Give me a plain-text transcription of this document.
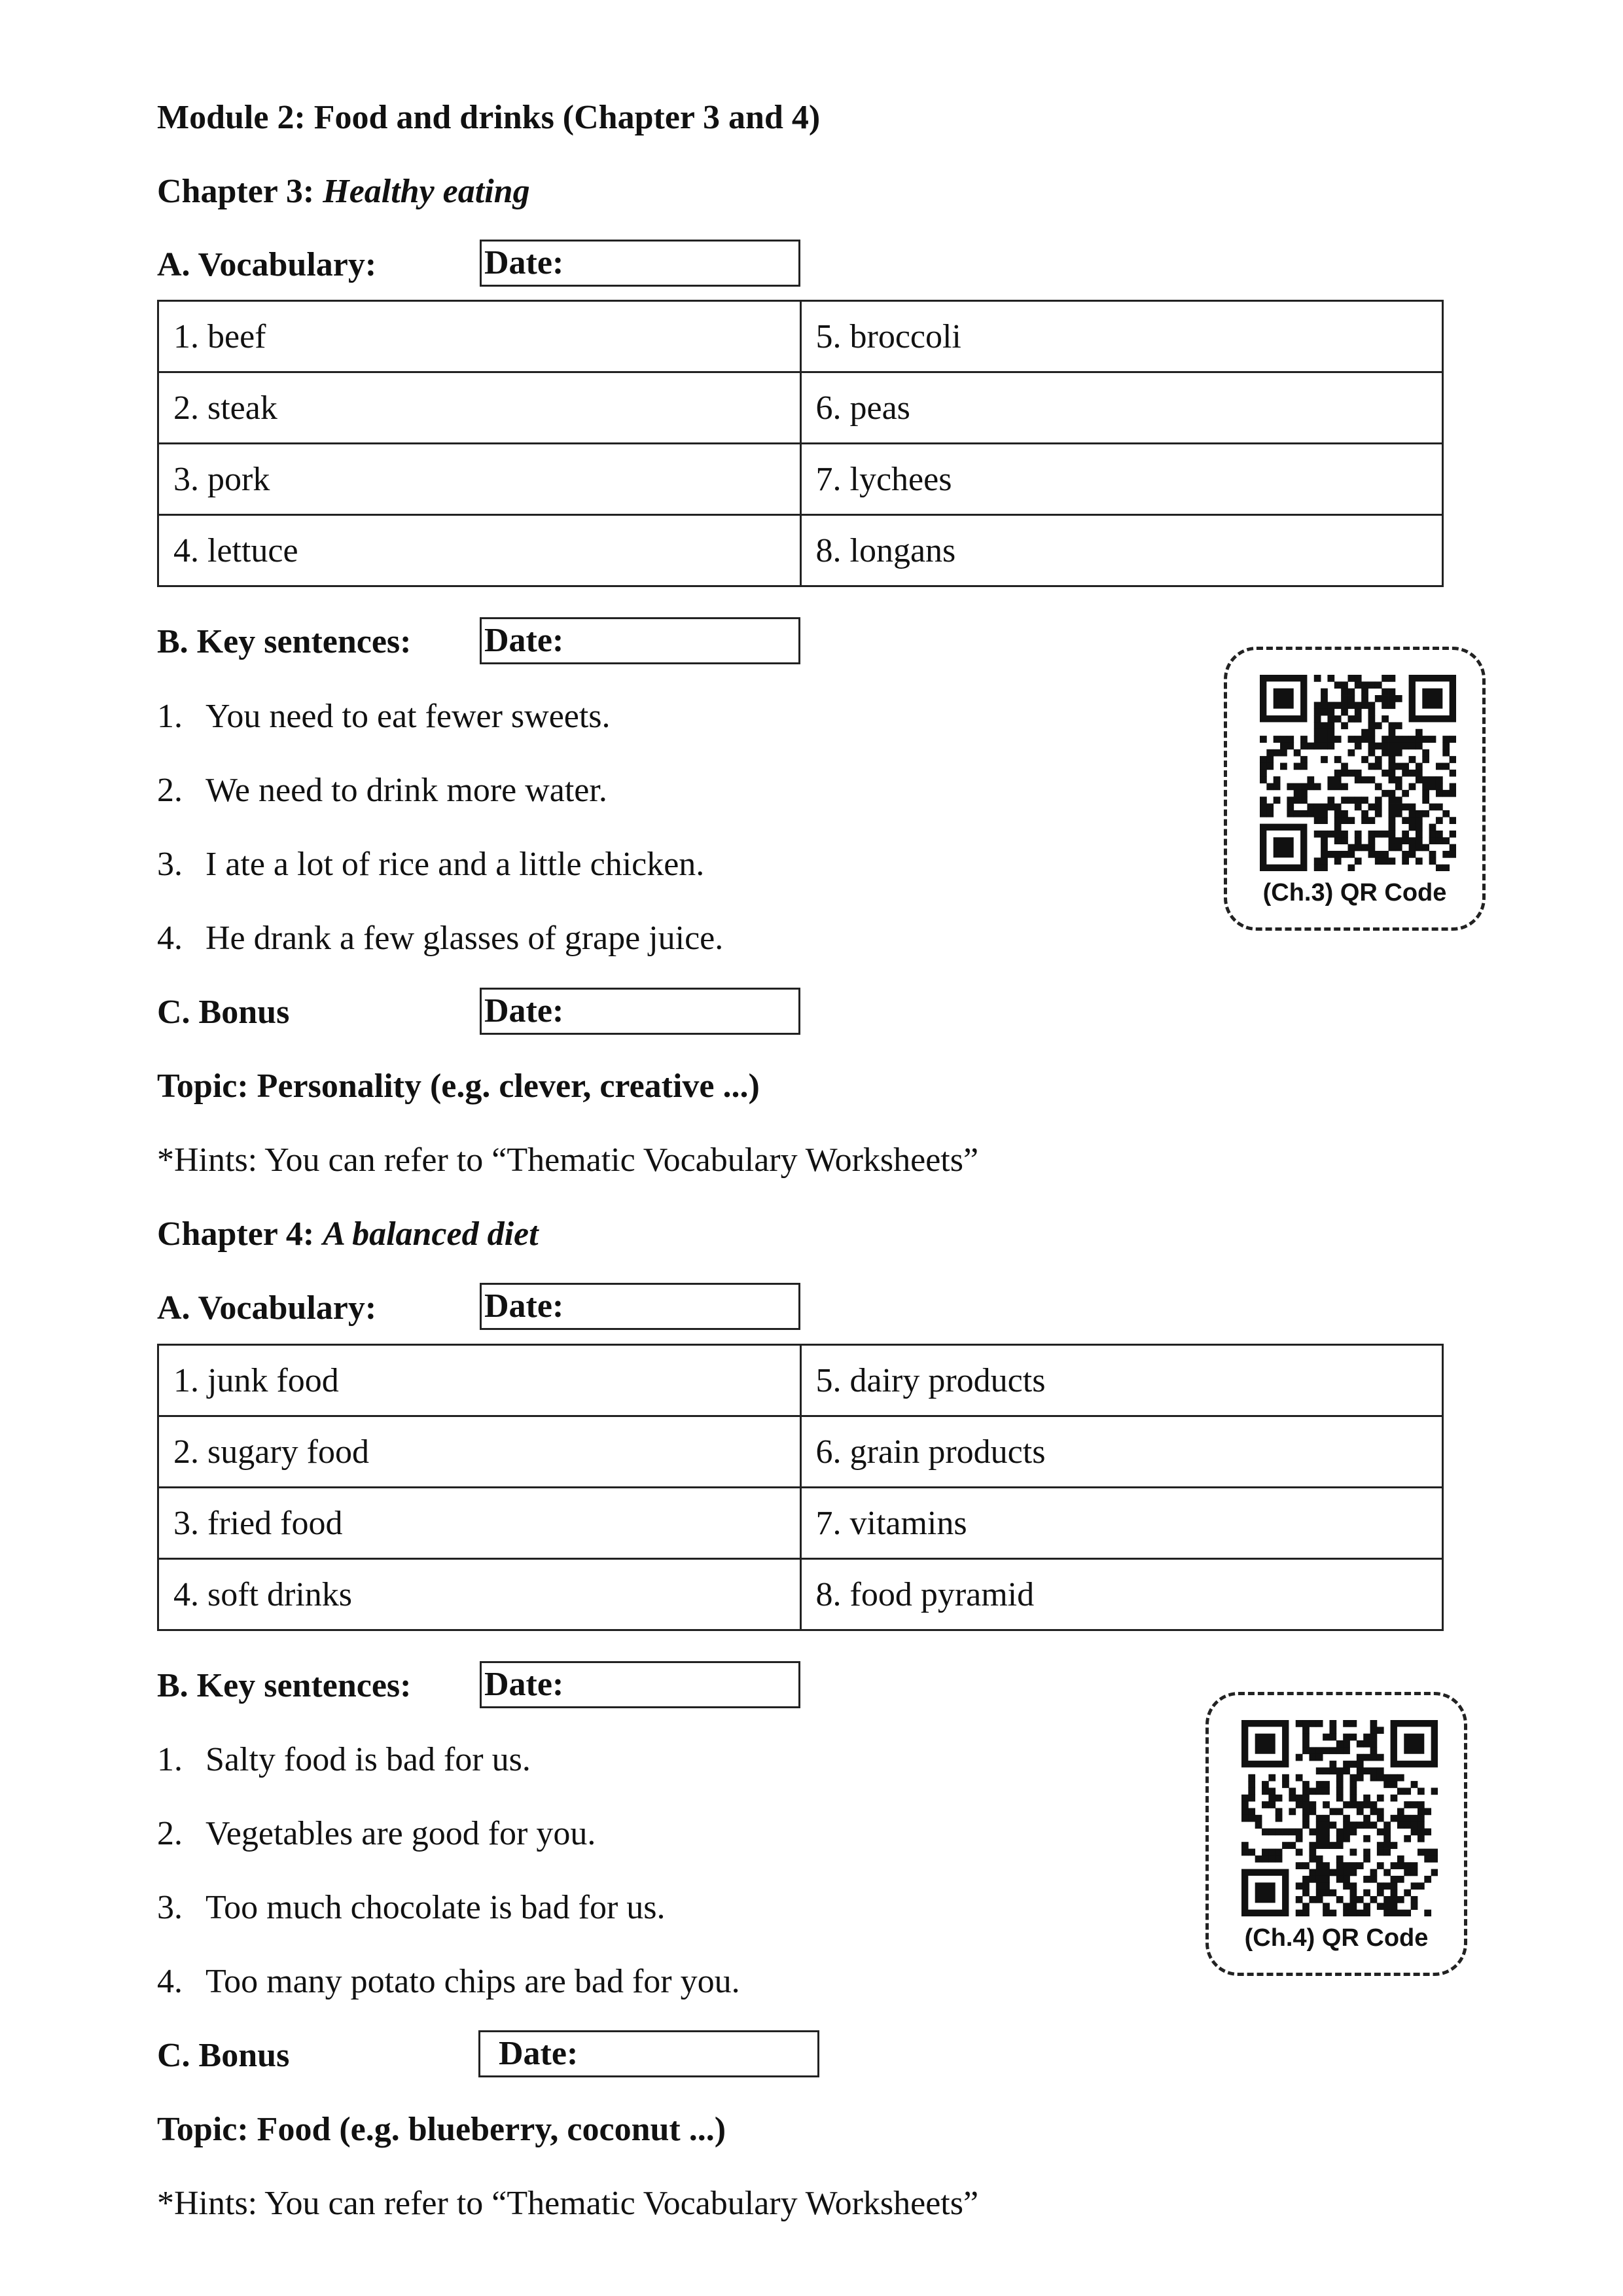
Module 2: Food and drinks (Chapter 3 and 4)
Chapter 3: Healthy eating
A. Vocabulary:	Date:
1. beef	5. broccoli
2. steak	6. peas
3. pork	7. lychees
4. lettuce	8. longans
B. Key sentences: Date:
1. You need to eat fewer sweets.
2. We need to drink more water.
3. I ate a lot of rice and a little chicken.
4. He drank a few glasses of grape juice.
(Ch.3) QR Code
C. Bonus	Date:
Topic: Personality (e.g. clever, creative ...)
*Hints: You can refer to “Thematic Vocabulary Worksheets”
Chapter 4: A balanced diet
A. Vocabulary:	Date:
1. junk food	5. dairy products
2. sugary food	6. grain products
3. fried food	7. vitamins
4. soft drinks	8. food pyramid
B. Key sentences: Date:
1. Salty food is bad for us.
2. Vegetables are good for you.
3. Too much chocolate is bad for us.
4. Too many potato chips are bad for you.
(Ch.4) QR Code
C. Bonus	Date:
Topic: Food (e.g. blueberry, coconut ...)
*Hints: You can refer to “Thematic Vocabulary Worksheets”
